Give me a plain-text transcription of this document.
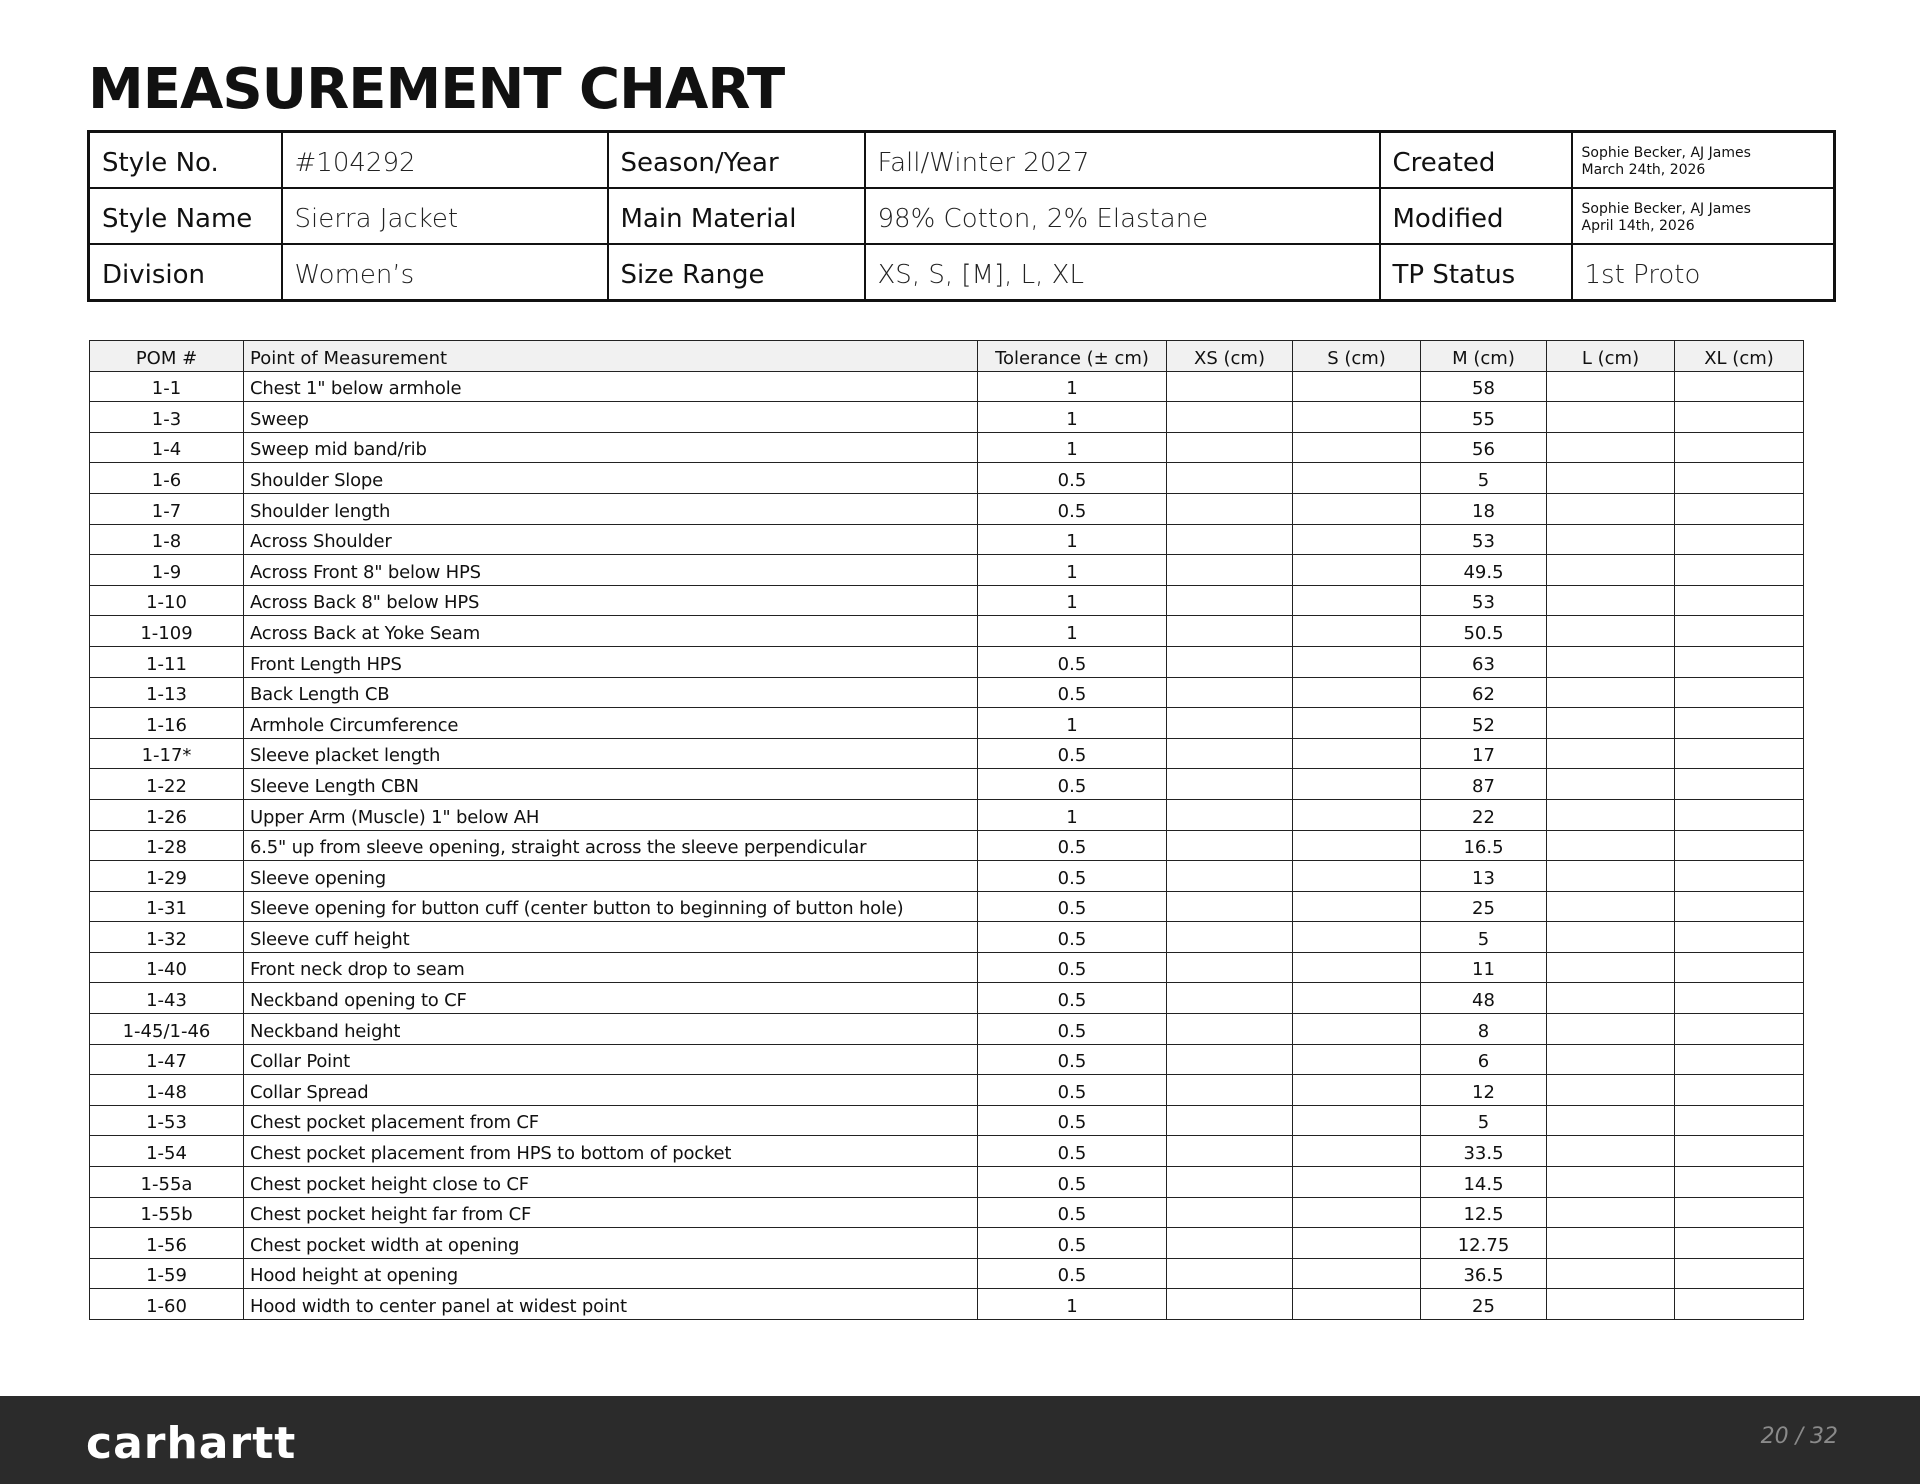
MEASUREMENT CHART
Style No.	#104292	Season/Year	Fall/Winter 2027	Created	Sophie Becker, AJ James
March 24th, 2026

Style Name	Sierra Jacket	Main Material	98% Cotton, 2% Elastane	Modified	Sophie Becker, AJ James
April 14th, 2026

Division	Women’s	Size Range	XS, S, [M], L, XL	TP Status	1st Proto
POM #	Point of Measurement	Tolerance (± cm)	XS (cm)	S (cm)	M (cm)	L (cm)	XL (cm)
1-1	Chest 1" below armhole	1			58		
1-3	Sweep	1			55		
1-4	Sweep mid band/rib	1			56		
1-6	Shoulder Slope	0.5			5		
1-7	Shoulder length	0.5			18		
1-8	Across Shoulder	1			53		
1-9	Across Front 8" below HPS	1			49.5		
1-10	Across Back 8" below HPS	1			53		
1-109	Across Back at Yoke Seam	1			50.5		
1-11	Front Length HPS	0.5			63		
1-13	Back Length CB	0.5			62		
1-16	Armhole Circumference	1			52		
1-17*	Sleeve placket length	0.5			17		
1-22	Sleeve Length CBN	0.5			87		
1-26	Upper Arm (Muscle) 1" below AH	1			22		
1-28	6.5" up from sleeve opening, straight across the sleeve perpendicular	0.5			16.5		
1-29	Sleeve opening	0.5			13		
1-31	Sleeve opening for button cuff (center button to beginning of button hole)	0.5			25		
1-32	Sleeve cuff height	0.5			5		
1-40	Front neck drop to seam	0.5			11		
1-43	Neckband opening to CF	0.5			48		
1-45/1-46	Neckband height	0.5			8		
1-47	Collar Point	0.5			6		
1-48	Collar Spread	0.5			12		
1-53	Chest pocket placement from CF	0.5			5		
1-54	Chest pocket placement from HPS to bottom of pocket	0.5			33.5		
1-55a	Chest pocket height close to CF	0.5			14.5		
1-55b	Chest pocket height far from CF	0.5			12.5		
1-56	Chest pocket width at opening	0.5			12.75		
1-59	Hood height at opening	0.5			36.5		
1-60	Hood width to center panel at widest point	1			25		
carhartt	20 / 32
